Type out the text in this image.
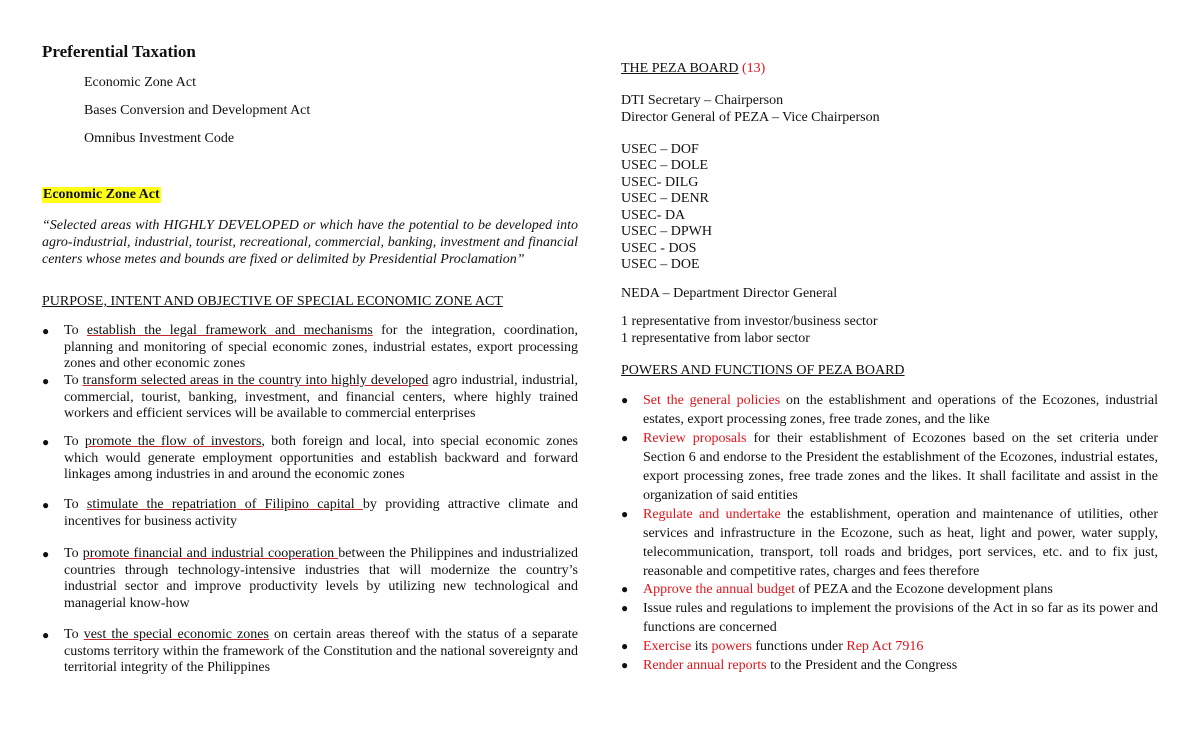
Preferential Taxation
Economic Zone Act
Bases Conversion and Development Act
Omnibus Investment Code
Economic Zone Act

“Selected areas with HIGHLY DEVELOPED or which have the potential to be developed into agro-industrial, industrial, tourist, recreational, commercial, banking, investment and financial centers whose metes and bounds are fixed or delimited by Presidential Proclamation”

PURPOSE, INTENT AND OBJECTIVE OF SPECIAL ECONOMIC ZONE ACT
● To establish the legal framework and mechanisms for the integration, coordination, planning and monitoring of special economic zones, industrial estates, export processing zones and other economic zones
● To transform selected areas in the country into highly developed agro industrial, industrial, commercial, tourist, banking, investment, and financial centers, where highly trained workers and efficient services will be available to commercial enterprises
● To promote the flow of investors, both foreign and local, into special economic zones which would generate employment opportunities and establish backward and forward linkages among industries in and around the economic zones
● To stimulate the repatriation of Filipino capital by providing attractive climate and incentives for business activity
● To promote financial and industrial cooperation between the Philippines and industrialized countries through technology-intensive industries that will modernize the country’s industrial sector and improve productivity levels by utilizing new technological and managerial know-how
● To vest the special economic zones on certain areas thereof with the status of a separate customs territory within the framework of the Constitution and the national sovereignty and territorial integrity of the Philippines
THE PEZA BOARD (13)
DTI Secretary – Chairperson
Director General of PEZA – Vice Chairperson
USEC – DOF
USEC – DOLE
USEC- DILG
USEC – DENR
USEC- DA
USEC – DPWH
USEC - DOS
USEC – DOE
NEDA – Department Director General
1 representative from investor/business sector
1 representative from labor sector
POWERS AND FUNCTIONS OF PEZA BOARD
● Set the general policies on the establishment and operations of the Ecozones, industrial estates, export processing zones, free trade zones, and the like
● Review proposals for their establishment of Ecozones based on the set criteria under Section 6 and endorse to the President the establishment of the Ecozones, industrial estates, export processing zones, free trade zones and the likes. It shall facilitate and assist in the organization of said entities
● Regulate and undertake the establishment, operation and maintenance of utilities, other services and infrastructure in the Ecozone, such as heat, light and power, water supply, telecommunication, transport, toll roads and bridges, port services, etc. and to fix just, reasonable and competitive rates, charges and fees therefore
● Approve the annual budget of PEZA and the Ecozone development plans
● Issue rules and regulations to implement the provisions of the Act in so far as its power and functions are concerned
● Exercise its powers functions under Rep Act 7916
● Render annual reports to the President and the Congress
